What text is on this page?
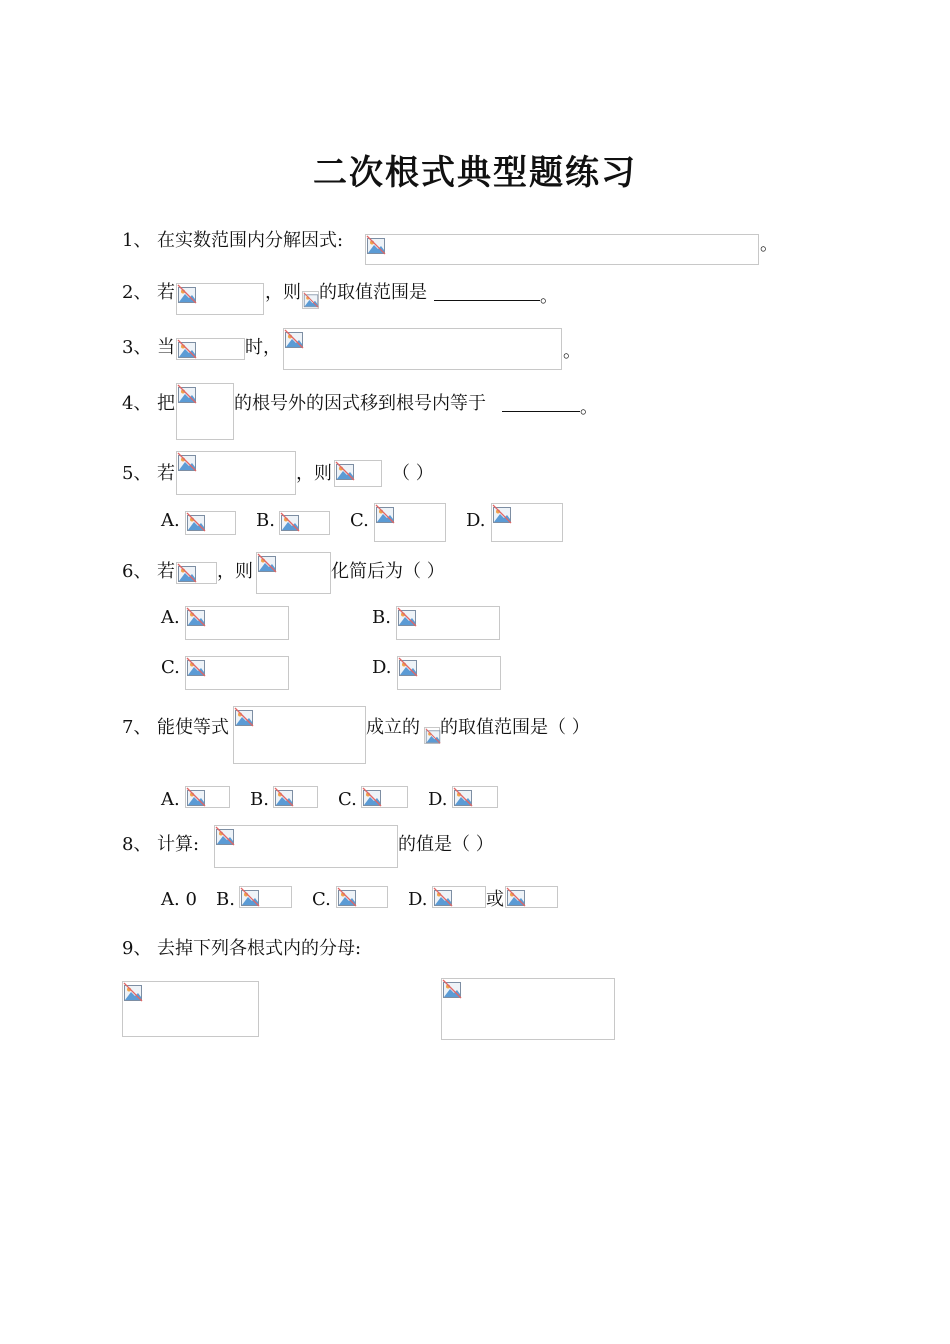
二次根式典型题练习
1、 在实数范围内分解因式:	。
2、 若	，则 的取值范围是	。
3、 当	时，	。
4、 把	的根号外的因式移到根号内等于	。
5、 若	，则	（ ）
A.	B.	C.	D.
6、 若 ，则	化简后为（ ）
A.	B.
C.	D.
7、 能使等式	成立的 的取值范围是（ ）
A.	B.	C.	D.
8、 计算:	的值是（ ）
A. 0 B.	C.	D.	或
9、 去掉下列各根式内的分母:
